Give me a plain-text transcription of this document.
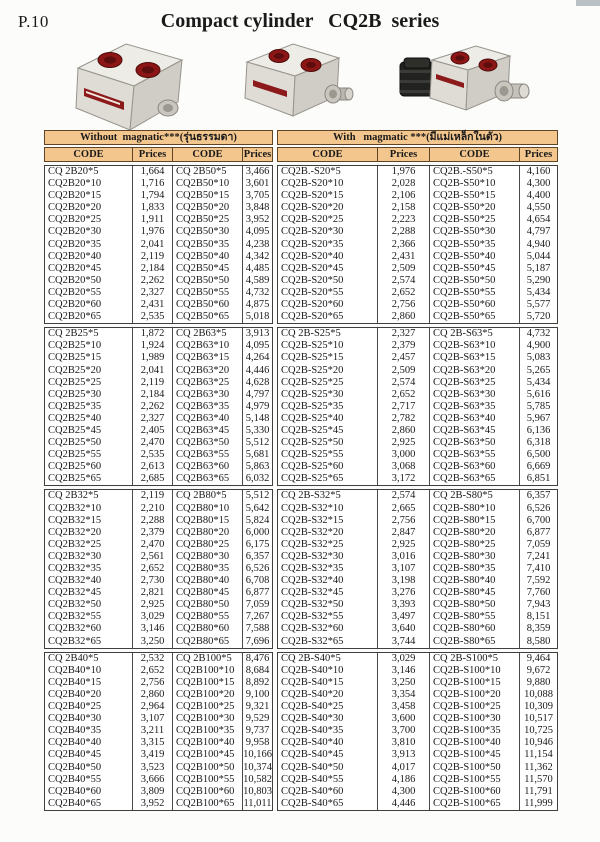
P.10	Compact cylinder   CQ2B  series
Without  magnatic***(รุ่นธรรมดา)
CODE	Prices	CODE	Prices
CQ 2B20*5	1,664	CQ 2B50*5	3,466
CQ2B20*10	1,716	CQ2B50*10	3,601
CQ2B20*15	1,794	CQ2B50*15	3,705
CQ2B20*20	1,833	CQ2B50*20	3,848
CQ2B20*25	1,911	CQ2B50*25	3,952
CQ2B20*30	1,976	CQ2B50*30	4,095
CQ2B20*35	2,041	CQ2B50*35	4,238
CQ2B20*40	2,119	CQ2B50*40	4,342
CQ2B20*45	2,184	CQ2B50*45	4,485
CQ2B20*50	2,262	CQ2B50*50	4,589
CQ2B20*55	2,327	CQ2B50*55	4,732
CQ2B20*60	2,431	CQ2B50*60	4,875
CQ2B20*65	2,535	CQ2B50*65	5,018
CQ 2B25*5	1,872	CQ 2B63*5	3,913
CQ2B25*10	1,924	CQ2B63*10	4,095
CQ2B25*15	1,989	CQ2B63*15	4,264
CQ2B25*20	2,041	CQ2B63*20	4,446
CQ2B25*25	2,119	CQ2B63*25	4,628
CQ2B25*30	2,184	CQ2B63*30	4,797
CQ2B25*35	2,262	CQ2B63*35	4,979
CQ2B25*40	2,327	CQ2B63*40	5,148
CQ2B25*45	2,405	CQ2B63*45	5,330
CQ2B25*50	2,470	CQ2B63*50	5,512
CQ2B25*55	2,535	CQ2B63*55	5,681
CQ2B25*60	2,613	CQ2B63*60	5,863
CQ2B25*65	2,685	CQ2B63*65	6,032
CQ 2B32*5	2,119	CQ 2B80*5	5,512
CQ2B32*10	2,210	CQ2B80*10	5,642
CQ2B32*15	2,288	CQ2B80*15	5,824
CQ2B32*20	2,379	CQ2B80*20	6,000
CQ2B32*25	2,470	CQ2B80*25	6,175
CQ2B32*30	2,561	CQ2B80*30	6,357
CQ2B32*35	2,652	CQ2B80*35	6,526
CQ2B32*40	2,730	CQ2B80*40	6,708
CQ2B32*45	2,821	CQ2B80*45	6,877
CQ2B32*50	2,925	CQ2B80*50	7,059
CQ2B32*55	3,029	CQ2B80*55	7,267
CQ2B32*60	3,146	CQ2B80*60	7,588
CQ2B32*65	3,250	CQ2B80*65	7,696
CQ 2B40*5	2,532	CQ 2B100*5	8,476
CQ2B40*10	2,652	CQ2B100*10	8,684
CQ2B40*15	2,756	CQ2B100*15	8,892
CQ2B40*20	2,860	CQ2B100*20	9,100
CQ2B40*25	2,964	CQ2B100*25	9,321
CQ2B40*30	3,107	CQ2B100*30	9,529
CQ2B40*35	3,211	CQ2B100*35	9,737
CQ2B40*40	3,315	CQ2B100*40	9,958
CQ2B40*45	3,419	CQ2B100*45 10,166
CQ2B40*50	3,523	CQ2B100*50 10,374
CQ2B40*55	3,666	CQ2B100*55 10,582
CQ2B40*60	3,809	CQ2B100*60 10,803
CQ2B40*65	3,952	CQ2B100*65 11,011
With   magmatic ***(มีแม่เหล็กในตัว)
CODE	Prices	CODE	Prices
CQ2B.-S20*5	1,976	CQ2B.-S50*5	4,160
CQ2B-S20*10	2,028	CQ2B-S50*10	4,300
CQ2B-S20*15	2,106	CQ2B-S50*15	4,400
CQ2B-S20*20	2,158	CQ2B-S50*20	4,550
CQ2B-S20*25	2,223	CQ2B-S50*25	4,654
CQ2B-S20*30	2,288	CQ2B-S50*30	4,797
CQ2B-S20*35	2,366	CQ2B-S50*35	4,940
CQ2B-S20*40	2,431	CQ2B-S50*40	5,044
CQ2B-S20*45	2,509	CQ2B-S50*45	5,187
CQ2B-S20*50	2,574	CQ2B-S50*50	5,290
CQ2B-S20*55	2,652	CQ2B-S50*55	5,434
CQ2B-S20*60	2,756	CQ2B-S50*60	5,577
CQ2B-S20*65	2,860	CQ2B-S50*65	5,720
CQ 2B-S25*5	2,327	CQ 2B-S63*5	4,732
CQ2B-S25*10	2,379	CQ2B-S63*10	4,900
CQ2B-S25*15	2,457	CQ2B-S63*15	5,083
CQ2B-S25*20	2,509	CQ2B-S63*20	5,265
CQ2B-S25*25	2,574	CQ2B-S63*25	5,434
CQ2B-S25*30	2,652	CQ2B-S63*30	5,616
CQ2B-S25*35	2,717	CQ2B-S63*35	5,785
CQ2B-S25*40	2,782	CQ2B-S63*40	5,967
CQ2B-S25*45	2,860	CQ2B-S63*45	6,136
CQ2B-S25*50	2,925	CQ2B-S63*50	6,318
CQ2B-S25*55	3,000	CQ2B-S63*55	6,500
CQ2B-S25*60	3,068	CQ2B-S63*60	6,669
CQ2B-S25*65	3,172	CQ2B-S63*65	6,851
CQ 2B-S32*5	2,574	CQ 2B-S80*5	6,357
CQ2B-S32*10	2,665	CQ2B-S80*10	6,526
CQ2B-S32*15	2,756	CQ2B-S80*15	6,700
CQ2B-S32*20	2,847	CQ2B-S80*20	6,877
CQ2B-S32*25	2,925	CQ2B-S80*25	7,059
CQ2B-S32*30	3,016	CQ2B-S80*30	7,241
CQ2B-S32*35	3,107	CQ2B-S80*35	7,410
CQ2B-S32*40	3,198	CQ2B-S80*40	7,592
CQ2B-S32*45	3,276	CQ2B-S80*45	7,760
CQ2B-S32*50	3,393	CQ2B-S80*50	7,943
CQ2B-S32*55	3,497	CQ2B-S80*55	8,151
CQ2B-S32*60	3,640	CQ2B-S80*60	8,359
CQ2B-S32*65	3,744	CQ2B-S80*65	8,580
CQ 2B-S40*5	3,029	CQ 2B-S100*5	9,464
CQ2B-S40*10	3,146	CQ2B-S100*10	9,672
CQ2B-S40*15	3,250	CQ2B-S100*15	9,880
CQ2B-S40*20	3,354	CQ2B-S100*20	10,088
CQ2B-S40*25	3,458	CQ2B-S100*25	10,309
CQ2B-S40*30	3,600	CQ2B-S100*30	10,517
CQ2B-S40*35	3,700	CQ2B-S100*35	10,725
CQ2B-S40*40	3,810	CQ2B-S100*40	10,946
CQ2B-S40*45	3,913	CQ2B-S100*45	11,154
CQ2B-S40*50	4,017	CQ2B-S100*50	11,362
CQ2B-S40*55	4,186	CQ2B-S100*55	11,570
CQ2B-S40*60	4,300	CQ2B-S100*60	11,791
CQ2B-S40*65	4,446	CQ2B-S100*65	11,999
